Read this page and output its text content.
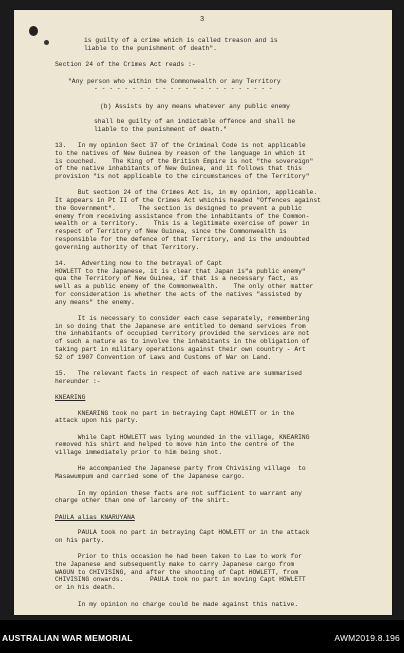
3

is guilty of a crime which is called treason and is

liable to the punishment of death".

Section 24 of the Crimes Act reads :-

"Any person who within the Commonwealth or any Territory

- - - - - - - - - - - - - - - - - - - - - - - -

(b) Assists by any means whatever any public enemy

shall be guilty of an indictable offence and shall be

liable to the punishment of death."

13.   In my opinion Sect 37 of the Criminal Code is not applicable

to the natives of New Guinea by reason of the language in which it

is couched.    The King of the British Empire is not "the sovereign"

of the native inhabitants of New Guinea, and it follows that this

provision "is not applicable to the circumstances of the Territory"

But section 24 of the Crimes Act is, in my opinion, applicable.

It appears in Pt II of the Crimes Act whichis headed "Offences against

the Government".      The section is designed to prevent a public

enemy from receiving assistance from the inhabitants of the Common-

wealth or a territory.    This is a legitimate exercise of power in

respect of Territory of New Guinea, since the Commonwealth is

responsible for the defence of that Territory, and is the undoubted

governing authority of that Territory.

14.    Adverting now to the betrayal of Capt

HOWLETT to the Japanese, it is clear that Japan is"a public enemy"

qua the Territory of New Guinea, if that is a necessary fact, as

well as a public enemy of the Commonwealth.    The only other matter

for consideration is whether the acts of the natives "assisted by

any means" the enemy.

It is necessary to consider each case separately, remembering

in so doing that the Japanese are entitled to demand services from

the inhabitants of occupied territory provided the services are not

of such a nature as to involve the inhabitants in the obligation of

taking part in military operations against their own country - Art

52 of 1907 Convention of Laws and Customs of War on Land.

15.   The relevant facts in respect of each native are summarised

hereunder :-

KNEARING

KNEARING took no part in betraying Capt HOWLETT or in the

attack upon his party.

While Capt HOWLETT was lying wounded in the village, KNEARING

removed his shirt and helped to move him into the centre of the

village immediately prior to him being shot.

He accompanied the Japanese party from Chivising village  to

Masawumpum and carried some of the Japanese cargo.

In my opinion these facts are not sufficient to warrant any

charge other than one of larceny of the shirt.

PAULA alias KNARUYANA

PAULA took no part in betraying Capt HOWLETT or in the attack

on his party.

Prior to this occasion he had been taken to Lae to work for

the Japanese and subsequently make to carry Japanese cargo from

WAGUN to CHIVISING, and after the shooting of Capt HOWLETT, from

CHIVISING onwards.       PAULA took no part in moving Capt HOWLETT

or in his death.

In my opinion no charge could be made against this native.

AUSTRALIAN WAR MEMORIAL	AWM2019.8.196
